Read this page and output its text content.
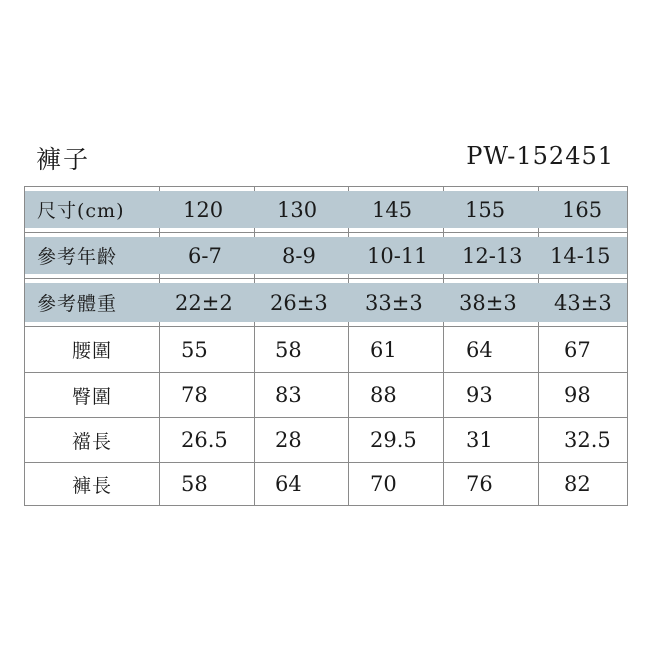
褲子	PW-152451
尺寸(cm)	120	130	145	155	165
參考年齡	6-7	8-9	10-11	12-13	14-15
參考體重	22±2	26±3	33±3	38±3	43±3
腰圍	55	58	61	64	67
臀圍	78	83	88	93	98
襠長	26.5	28	29.5	31	32.5
褲長	58	64	70	76	82
